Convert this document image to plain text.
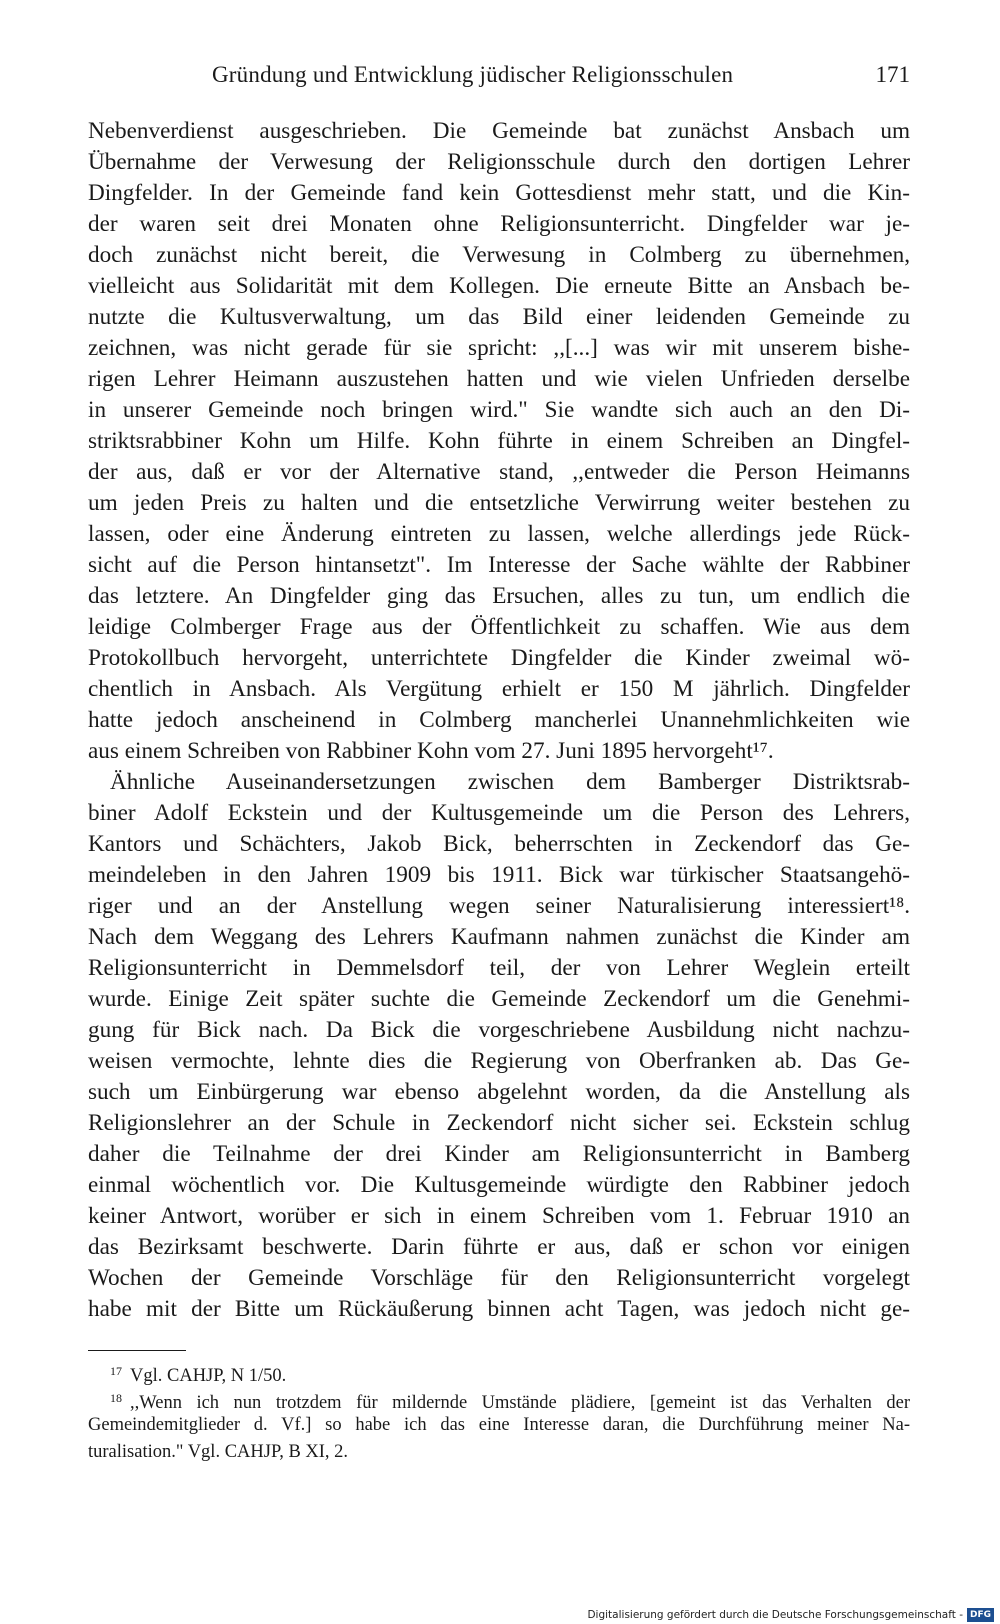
Gründung und Entwicklung jüdischer Religionsschulen	171
Nebenverdienst ausgeschrieben. Die Gemeinde bat zunächst Ansbach um
Übernahme der Verwesung der Religionsschule durch den dortigen Lehrer
Dingfelder. In der Gemeinde fand kein Gottesdienst mehr statt, und die Kin-
der waren seit drei Monaten ohne Religionsunterricht. Dingfelder war je-
doch zunächst nicht bereit, die Verwesung in Colmberg zu übernehmen,
vielleicht aus Solidarität mit dem Kollegen. Die erneute Bitte an Ansbach be-
nutzte die Kultusverwaltung, um das Bild einer leidenden Gemeinde zu
zeichnen, was nicht gerade für sie spricht: ,,[...] was wir mit unserem bishe-
rigen Lehrer Heimann auszustehen hatten und wie vielen Unfrieden derselbe
in unserer Gemeinde noch bringen wird." Sie wandte sich auch an den Di-
striktsrabbiner Kohn um Hilfe. Kohn führte in einem Schreiben an Dingfel-
der aus, daß er vor der Alternative stand, ,,entweder die Person Heimanns
um jeden Preis zu halten und die entsetzliche Verwirrung weiter bestehen zu
lassen, oder eine Änderung eintreten zu lassen, welche allerdings jede Rück-
sicht auf die Person hintansetzt". Im Interesse der Sache wählte der Rabbiner
das letztere. An Dingfelder ging das Ersuchen, alles zu tun, um endlich die
leidige Colmberger Frage aus der Öffentlichkeit zu schaffen. Wie aus dem
Protokollbuch hervorgeht, unterrichtete Dingfelder die Kinder zweimal wö-
chentlich in Ansbach. Als Vergütung erhielt er 150 M jährlich. Dingfelder
hatte jedoch anscheinend in Colmberg mancherlei Unannehmlichkeiten wie
aus einem Schreiben von Rabbiner Kohn vom 27. Juni 1895 hervorgeht¹⁷.
Ähnliche Auseinandersetzungen zwischen dem Bamberger Distriktsrab-
biner Adolf Eckstein und der Kultusgemeinde um die Person des Lehrers,
Kantors und Schächters, Jakob Bick, beherrschten in Zeckendorf das Ge-
meindeleben in den Jahren 1909 bis 1911. Bick war türkischer Staatsangehö-
riger und an der Anstellung wegen seiner Naturalisierung interessiert¹⁸.
Nach dem Weggang des Lehrers Kaufmann nahmen zunächst die Kinder am
Religionsunterricht in Demmelsdorf teil, der von Lehrer Weglein erteilt
wurde. Einige Zeit später suchte die Gemeinde Zeckendorf um die Genehmi-
gung für Bick nach. Da Bick die vorgeschriebene Ausbildung nicht nachzu-
weisen vermochte, lehnte dies die Regierung von Oberfranken ab. Das Ge-
such um Einbürgerung war ebenso abgelehnt worden, da die Anstellung als
Religionslehrer an der Schule in Zeckendorf nicht sicher sei. Eckstein schlug
daher die Teilnahme der drei Kinder am Religionsunterricht in Bamberg
einmal wöchentlich vor. Die Kultusgemeinde würdigte den Rabbiner jedoch
keiner Antwort, worüber er sich in einem Schreiben vom 1. Februar 1910 an
das Bezirksamt beschwerte. Darin führte er aus, daß er schon vor einigen
Wochen der Gemeinde Vorschläge für den Religionsunterricht vorgelegt
habe mit der Bitte um Rückäußerung binnen acht Tagen, was jedoch nicht ge-
$^{17}$ Vgl. CAHJP, N 1/50.
$^{18}$ ,,Wenn ich nun trotzdem für mildernde Umstände plädiere, [gemeint ist das Verhalten der
Gemeindemitglieder d. Vf.] so habe ich das eine Interesse daran, die Durchführung meiner Na-
turalisation." Vgl. CAHJP, B XI, 2.
Digitalisierung gefördert durch die Deutsche Forschungsgemeinschaft - DFG
